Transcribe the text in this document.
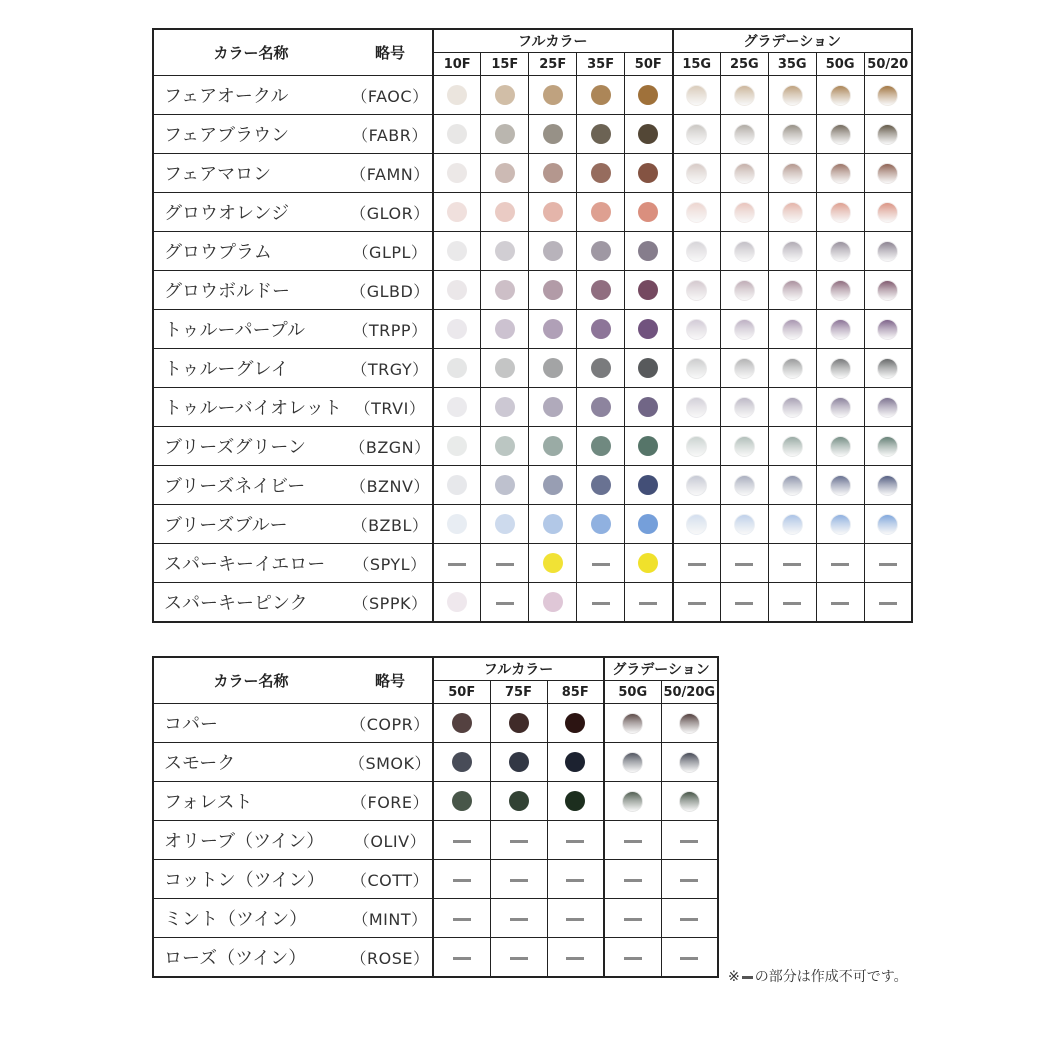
カラー名称	略号	フルカラー					グラデーション				
		10F	15F	25F	35F	50F	15G	25G	35G	50G	50/20
フェアオークル	（FAOC）										
フェアブラウン	（FABR）										
フェアマロン	（FAMN）										
グロウオレンジ	（GLOR）										
グロウプラム	（GLPL）										
グロウボルドー	（GLBD）										
トゥルーパープル	（TRPP）										
トゥルーグレイ	（TRGY）										
トゥルーバイオレット	（TRVI）										
ブリーズグリーン	（BZGN）										
ブリーズネイビー	（BZNV）										
ブリーズブルー	（BZBL）										
スパーキーイエロー	（SPYL）										
スパーキーピンク	（SPPK）										
カラー名称	略号	フルカラー			グラデーション	
		50F	75F	85F	50G	50/20G
コパー	（COPR）					
スモーク	（SMOK）					
フォレスト	（FORE）					
オリーブ（ツイン）	（OLIV）					
コットン（ツイン）	（COTT）					
ミント（ツイン）	（MINT）					
ローズ（ツイン）	（ROSE）					
※ の部分は作成不可です。
